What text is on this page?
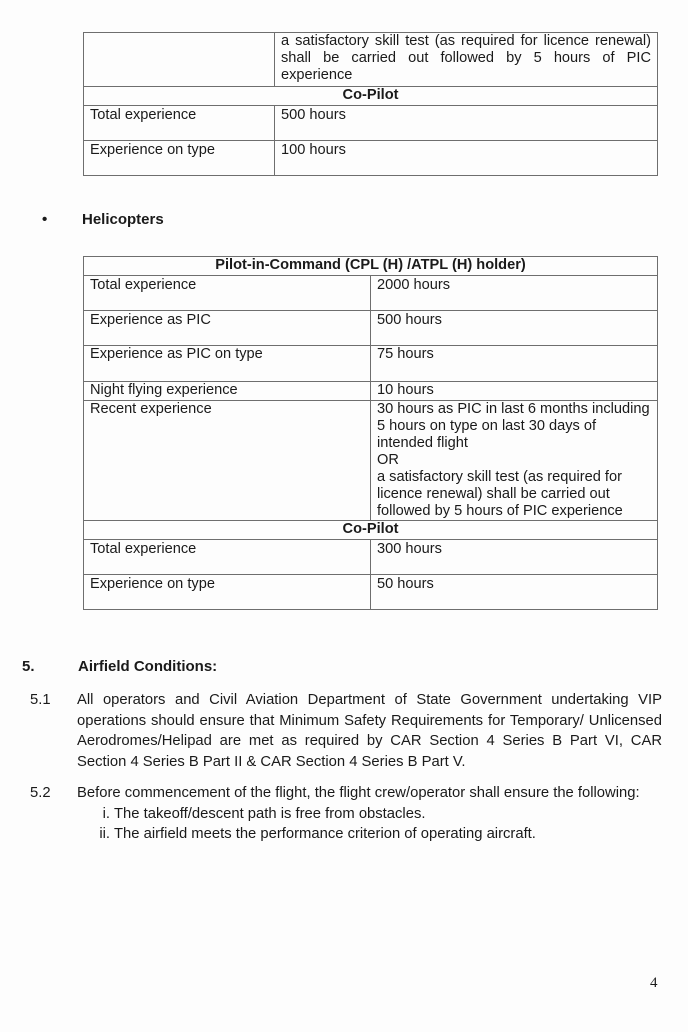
	a satisfactory skill test (as required for licence renewal) shall be carried out followed by 5 hours of PIC experience
Co-Pilot	
Total experience	500 hours
Experience on type	100 hours
• Helicopters
Pilot-in-Command (CPL (H) /ATPL (H) holder)	
Total experience	2000 hours
Experience as PIC	500 hours
Experience as PIC on type	75 hours
Night flying experience	10 hours
Recent experience	30 hours as PIC in last 6 months including
5 hours on type on last 30 days of intended flight
OR
a satisfactory skill test (as required for licence renewal) shall be carried out followed by 5 hours of PIC experience

Co-Pilot	
Total experience	300 hours
Experience on type	50 hours
5.	Airfield Conditions:
5.1 All operators and Civil Aviation Department of State Government undertaking VIP operations should ensure that Minimum Safety Requirements for Temporary/ Unlicensed Aerodromes/Helipad are met as required by CAR Section 4 Series B Part VI, CAR Section 4 Series B Part II & CAR Section 4 Series B Part V.
5.2 Before commencement of the flight, the flight crew/operator shall ensure the following:
i. The takeoff/descent path is free from obstacles.
ii. The airfield meets the performance criterion of operating aircraft.
4
